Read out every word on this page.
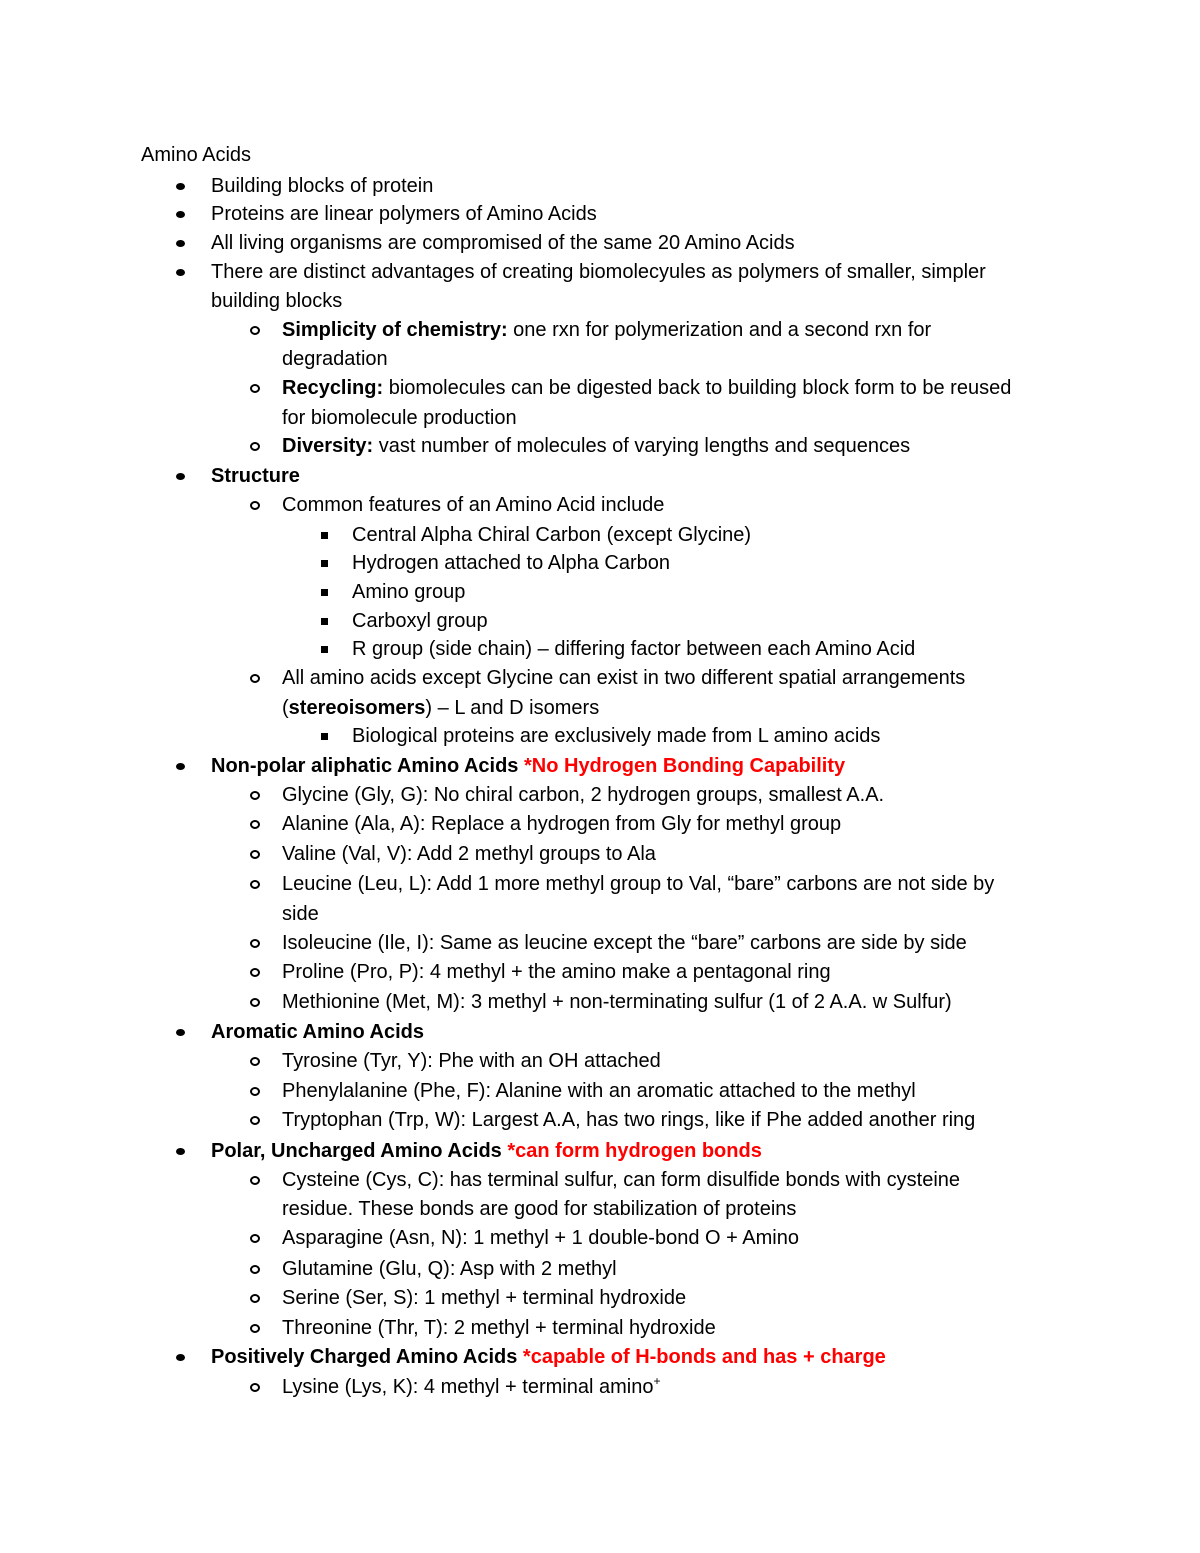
Amino Acids
Building blocks of protein
Proteins are linear polymers of Amino Acids
All living organisms are compromised of the same 20 Amino Acids
There are distinct advantages of creating biomolecyules as polymers of smaller, simpler
building blocks
Simplicity of chemistry: one rxn for polymerization and a second rxn for
degradation
Recycling: biomolecules can be digested back to building block form to be reused
for biomolecule production
Diversity: vast number of molecules of varying lengths and sequences
Structure
Common features of an Amino Acid include
Central Alpha Chiral Carbon (except Glycine)
Hydrogen attached to Alpha Carbon
Amino group
Carboxyl group
R group (side chain) – differing factor between each Amino Acid
All amino acids except Glycine can exist in two different spatial arrangements
(stereoisomers) – L and D isomers
Biological proteins are exclusively made from L amino acids
Non-polar aliphatic Amino Acids *No Hydrogen Bonding Capability
Glycine (Gly, G): No chiral carbon, 2 hydrogen groups, smallest A.A.
Alanine (Ala, A): Replace a hydrogen from Gly for methyl group
Valine (Val, V): Add 2 methyl groups to Ala
Leucine (Leu, L): Add 1 more methyl group to Val, “bare” carbons are not side by
side
Isoleucine (Ile, I): Same as leucine except the “bare” carbons are side by side
Proline (Pro, P): 4 methyl + the amino make a pentagonal ring
Methionine (Met, M): 3 methyl + non-terminating sulfur (1 of 2 A.A. w Sulfur)
Aromatic Amino Acids
Tyrosine (Tyr, Y): Phe with an OH attached
Phenylalanine (Phe, F): Alanine with an aromatic attached to the methyl
Tryptophan (Trp, W): Largest A.A, has two rings, like if Phe added another ring
Polar, Uncharged Amino Acids *can form hydrogen bonds
Cysteine (Cys, C): has terminal sulfur, can form disulfide bonds with cysteine
residue. These bonds are good for stabilization of proteins
Asparagine (Asn, N): 1 methyl + 1 double-bond O + Amino
Glutamine (Glu, Q): Asp with 2 methyl
Serine (Ser, S): 1 methyl + terminal hydroxide
Threonine (Thr, T): 2 methyl + terminal hydroxide
Positively Charged Amino Acids *capable of H-bonds and has + charge
Lysine (Lys, K): 4 methyl + terminal amino+
